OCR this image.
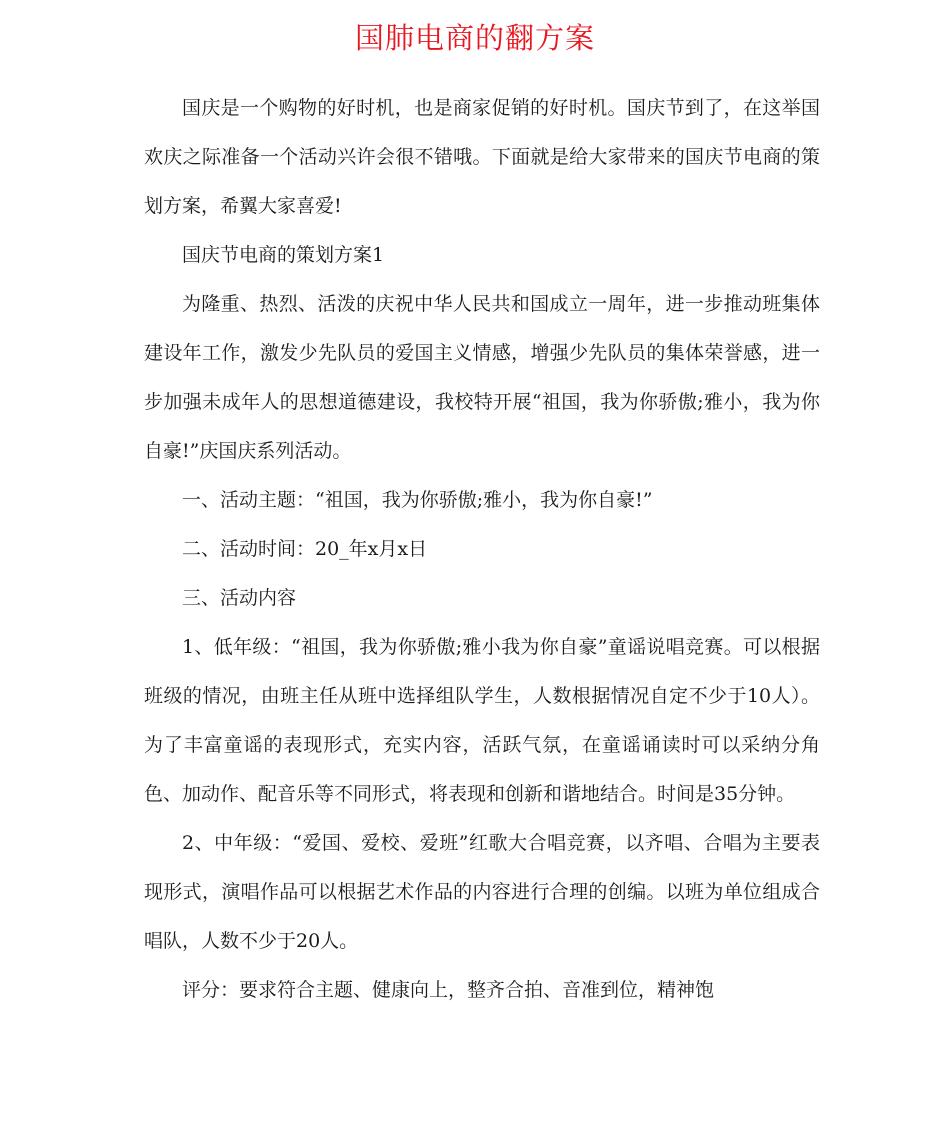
国肺电商的翻方案

国庆是一个购物的好时机，也是商家促销的好时机。国庆节到了，在这举国欢庆之际准备一个活动兴许会很不错哦。下面就是给大家带来的国庆节电商的策划方案，希翼大家喜爱!

国庆节电商的策划方案1

为隆重、热烈、活泼的庆祝中华人民共和国成立一周年，进一步推动班集体建设年工作，激发少先队员的爱国主义情感，增强少先队员的集体荣誉感，进一步加强未成年人的思想道德建设，我校特开展“祖国，我为你骄傲;雅小，我为你自豪!”庆国庆系列活动。

一、活动主题：“祖国，我为你骄傲;雅小，我为你自豪!”

二、活动时间：20_年x月x日

三、活动内容

1、低年级：“祖国，我为你骄傲;雅小我为你自豪”童谣说唱竞赛。可以根据班级的情况，由班主任从班中选择组队学生，人数根据情况自定不少于10人）。为了丰富童谣的表现形式，充实内容，活跃气氛，在童谣诵读时可以采纳分角色、加动作、配音乐等不同形式，将表现和创新和谐地结合。时间是35分钟。

2、中年级：“爱国、爱校、爱班”红歌大合唱竞赛，以齐唱、合唱为主要表现形式，演唱作品可以根据艺术作品的内容进行合理的创编。以班为单位组成合唱队，人数不少于20人。

评分：要求符合主题、健康向上，整齐合拍、音准到位，精神饱
